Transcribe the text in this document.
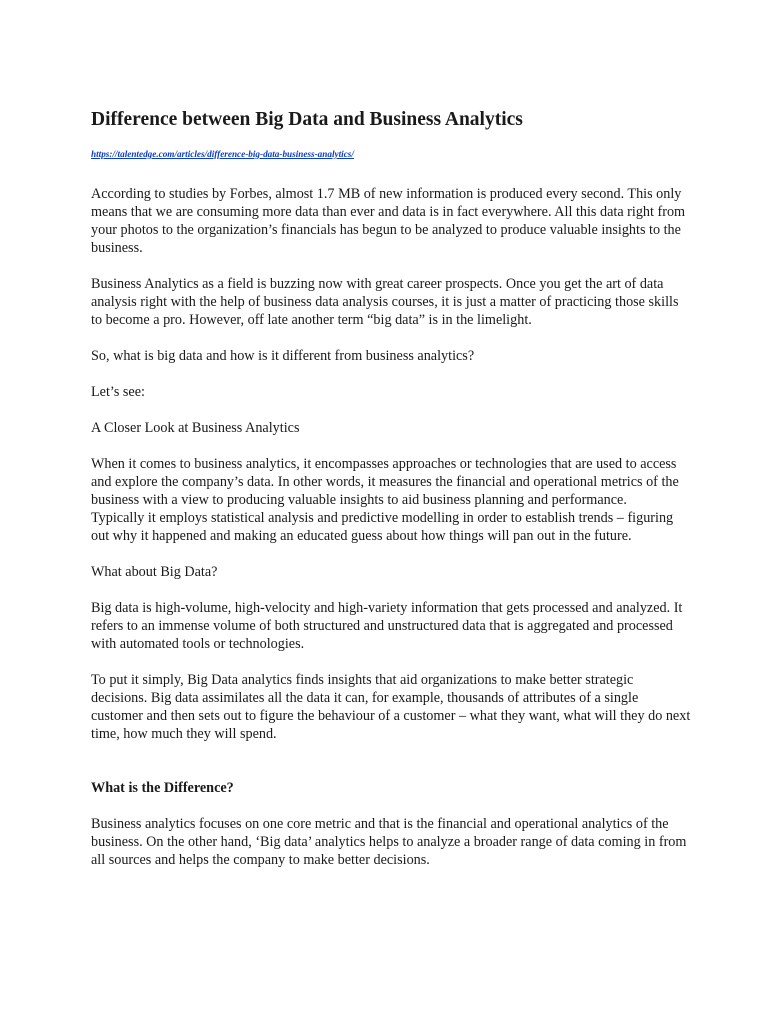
Difference between Big Data and Business Analytics
https://talentedge.com/articles/difference-big-data-business-analytics/

According to studies by Forbes, almost 1.7 MB of new information is produced every second. This only means that we are consuming more data than ever and data is in fact everywhere. All this data right from your photos to the organization’s financials has begun to be analyzed to produce valuable insights to the business.

Business Analytics as a field is buzzing now with great career prospects. Once you get the art of data analysis right with the help of business data analysis courses, it is just a matter of practicing those skills to become a pro. However, off late another term “big data” is in the limelight.

So, what is big data and how is it different from business analytics?

Let’s see:

A Closer Look at Business Analytics

When it comes to business analytics, it encompasses approaches or technologies that are used to access and explore the company’s data. In other words, it measures the financial and operational metrics of the business with a view to producing valuable insights to aid business planning and performance.

Typically it employs statistical analysis and predictive modelling in order to establish trends – figuring out why it happened and making an educated guess about how things will pan out in the future.

What about Big Data?

Big data is high-volume, high-velocity and high-variety information that gets processed and analyzed. It refers to an immense volume of both structured and unstructured data that is aggregated and processed with automated tools or technologies.

To put it simply, Big Data analytics finds insights that aid organizations to make better strategic decisions. Big data assimilates all the data it can, for example, thousands of attributes of a single customer and then sets out to figure the behaviour of a customer – what they want, what will they do next time, how much they will spend.

What is the Difference?

Business analytics focuses on one core metric and that is the financial and operational analytics of the business. On the other hand, ‘Big data’ analytics helps to analyze a broader range of data coming in from all sources and helps the company to make better decisions.
